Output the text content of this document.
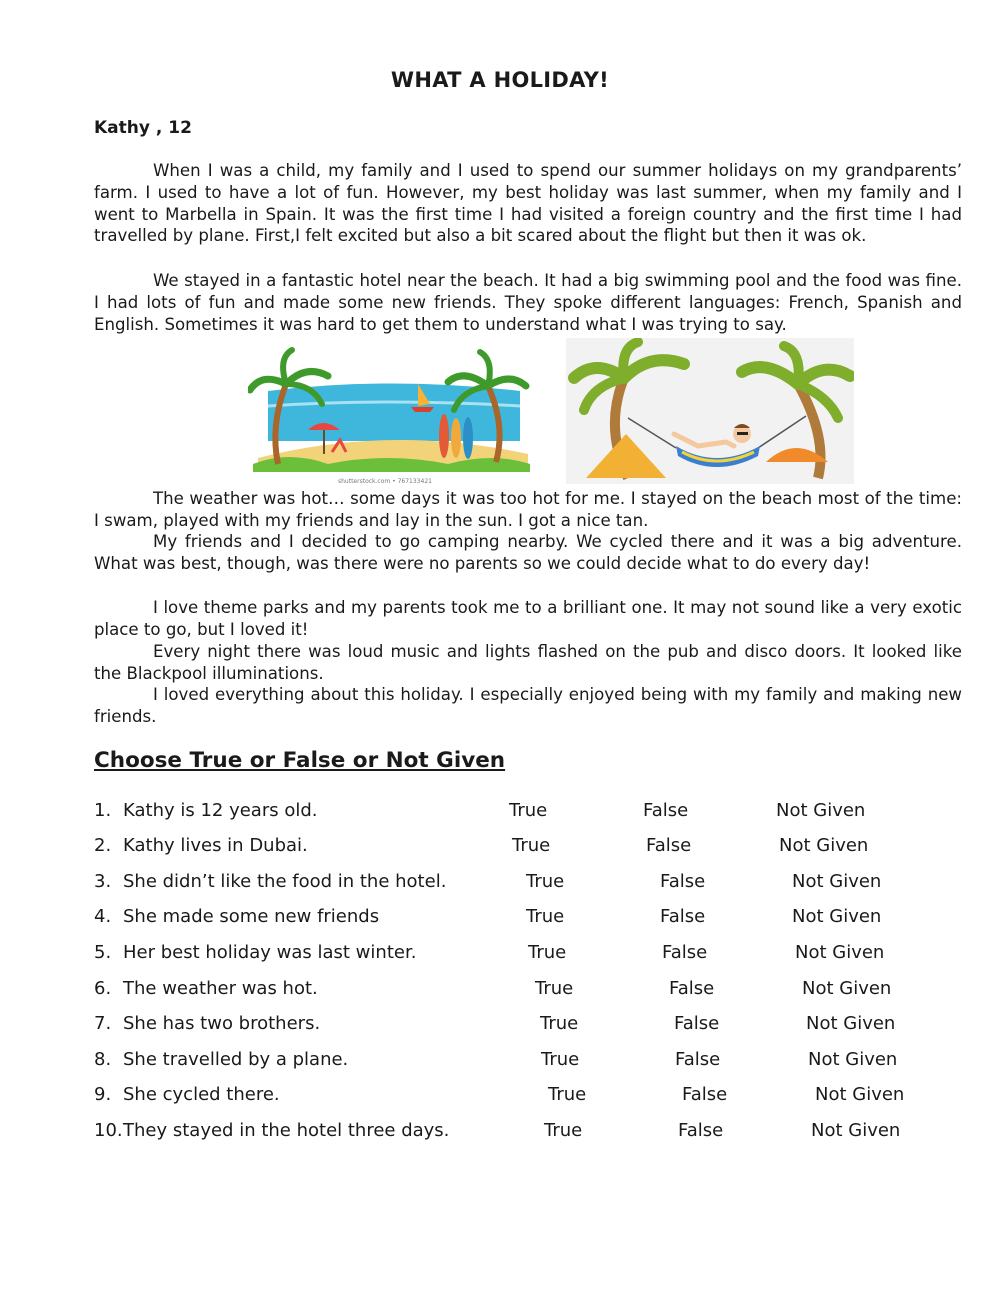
WHAT A HOLIDAY!
Kathy , 12

When I was a child, my family and I used to spend our summer holidays on my grandparents’ farm. I used to have a lot of fun. However, my best holiday was last summer, when my family and I went to Marbella in Spain. It was the first time I had visited a foreign country and the first time I had travelled by plane. First,I felt excited but also a bit scared about the flight but then it was ok.

We stayed in a fantastic hotel near the beach. It had a big swimming pool and the food was fine. I had lots of fun and made some new friends. They spoke different languages: French, Spanish and English. Sometimes it was hard to get them to understand what I was trying to say.

shutterstock.com • 767133421

The weather was hot… some days it was too hot for me. I stayed on the beach most of the time: I swam, played with my friends and lay in the sun. I got a nice tan.

My friends and I decided to go camping nearby. We cycled there and it was a big adventure. What was best, though, was there were no parents so we could decide what to do every day!

I love theme parks and my parents took me to a brilliant one. It may not sound like a very exotic place to go, but I loved it!

Every night there was loud music and lights flashed on the pub and disco doors. It looked like the Blackpool illuminations.

I loved everything about this holiday. I especially enjoyed being with my family and making new friends.

Choose True or False or Not Given
1. Kathy is 12 years old.	True	False	Not Given
2. Kathy lives in Dubai.	True	False	Not Given
3. She didn’t like the food in the hotel.	True	False	Not Given
4. She made some new friends	True	False	Not Given
5. Her best holiday was last winter.	True	False	Not Given
6. The weather was hot.	True	False	Not Given
7. She has two brothers.	True	False	Not Given
8. She travelled by a plane.	True	False	Not Given
9. She cycled there.	True	False	Not Given
10. They stayed in the hotel three days.	True	False	Not Given
